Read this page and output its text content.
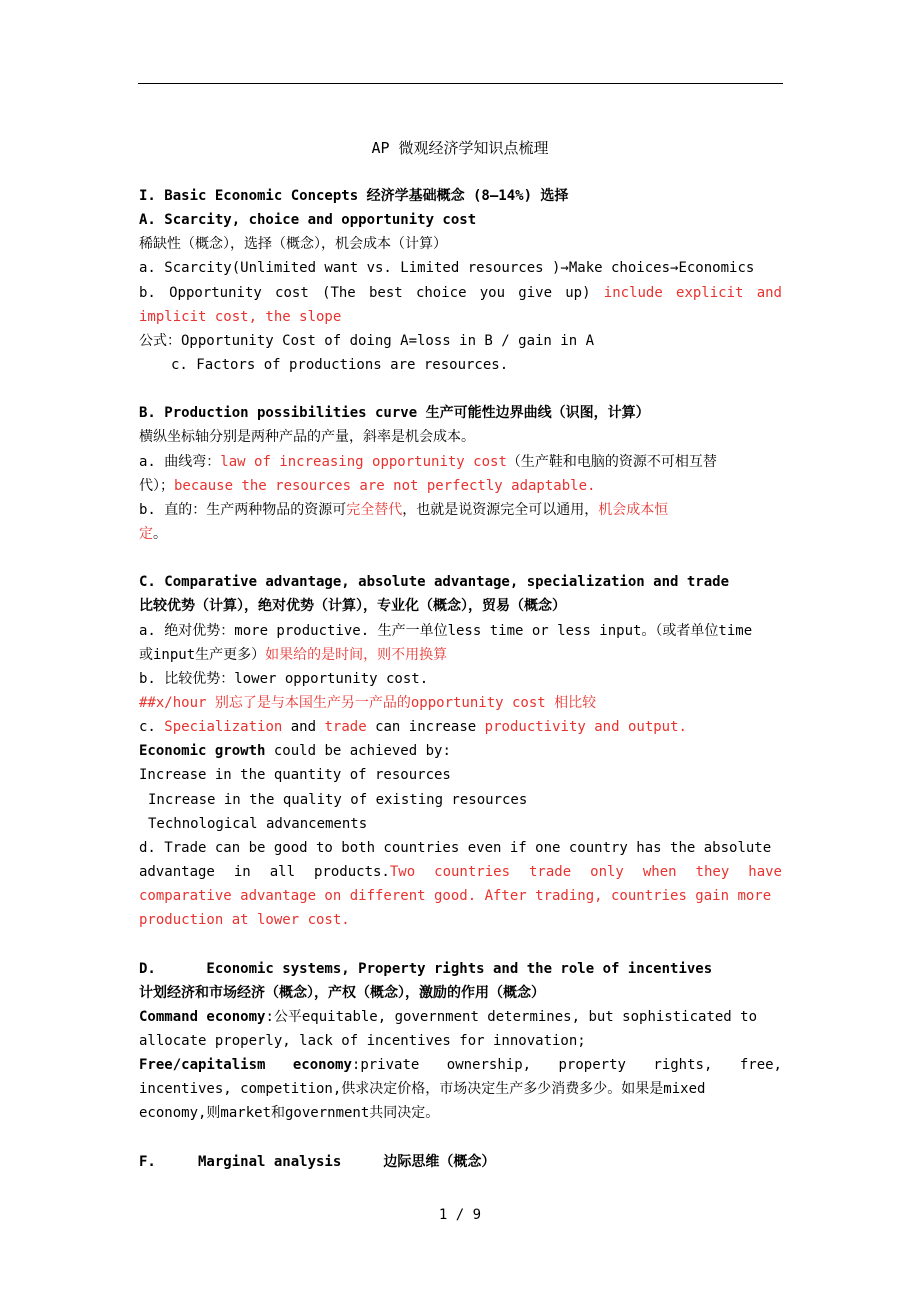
AP 微观经济学知识点梳理
I. Basic Economic Concepts 经济学基础概念 (8–14%) 选择
A. Scarcity, choice and opportunity cost
稀缺性（概念），选择（概念），机会成本（计算）
a. Scarcity(Unlimited want vs. Limited resources )→Make choices→Economics
b. Opportunity cost (The best choice you give up) include explicit and
implicit cost, the slope
公式：Opportunity Cost of doing A=loss in B / gain in A
c. Factors of productions are resources.
B. Production possibilities curve 生产可能性边界曲线（识图，计算）
横纵坐标轴分别是两种产品的产量，斜率是机会成本。
a. 曲线弯：law of increasing opportunity cost（生产鞋和电脑的资源不可相互替
代）；because the resources are not perfectly adaptable.
b. 直的：生产两种物品的资源可完全替代，也就是说资源完全可以通用，机会成本恒
定。
C. Comparative advantage, absolute advantage, specialization and trade
比较优势（计算），绝对优势（计算），专业化（概念），贸易（概念）
a. 绝对优势：more productive. 生产一单位less time or less input。（或者单位time
或input生产更多）如果给的是时间，则不用换算
b. 比较优势：lower opportunity cost.
##x/hour 别忘了是与本国生产另一产品的opportunity cost 相比较
c. Specialization and trade can increase productivity and output.
Economic growth could be achieved by:
Increase in the quantity of resources
Increase in the quality of existing resources
Technological advancements
d. Trade can be good to both countries even if one country has the absolute
advantage in all products.Two countries trade only when they have
comparative advantage on different good. After trading, countries gain more
production at lower cost.
D.      Economic systems, Property rights and the role of incentives
计划经济和市场经济（概念），产权（概念），激励的作用（概念）
Command economy:公平equitable, government determines, but sophisticated to
allocate properly, lack of incentives for innovation;
Free/capitalism economy:private ownership, property rights, free,
incentives, competition,供求决定价格，市场决定生产多少消费多少。如果是mixed
economy,则market和government共同决定。
F.     Marginal analysis     边际思维（概念）
1 / 9
